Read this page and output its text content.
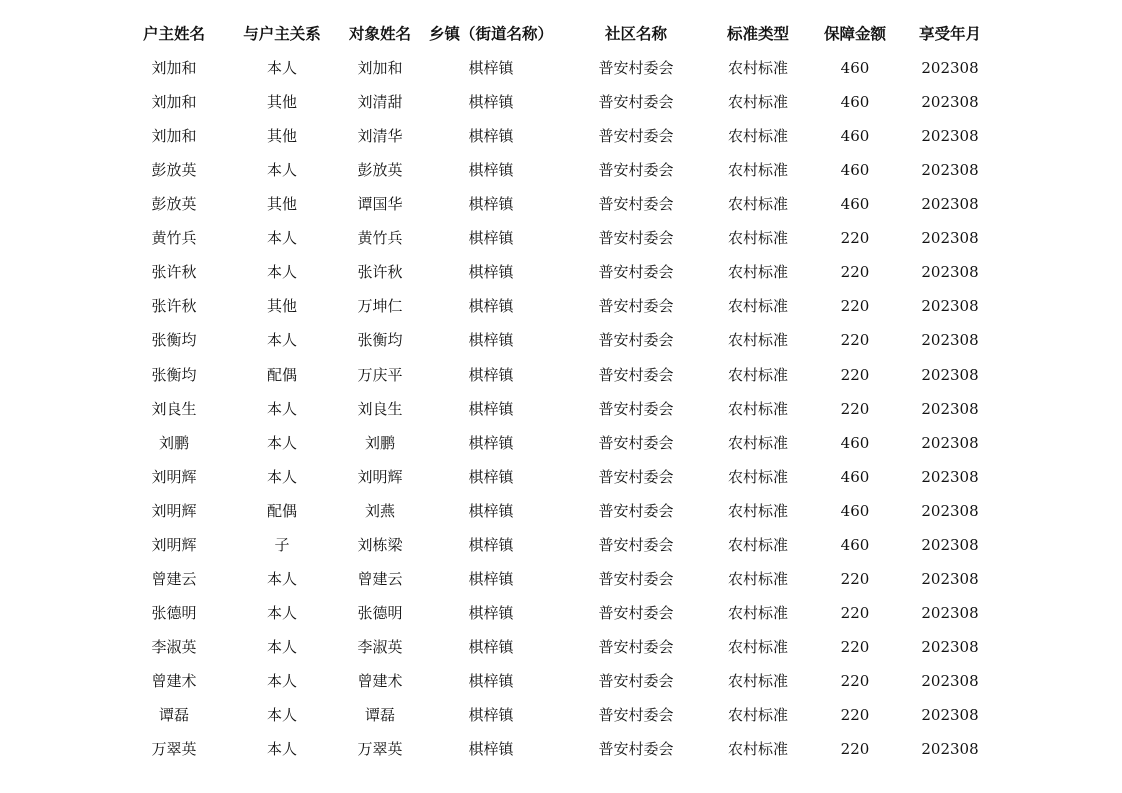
户主姓名	与户主关系	对象姓名	乡镇（街道名称）	社区名称	标准类型	保障金额	享受年月
刘加和	本人	刘加和	棋梓镇	普安村委会	农村标准	460	202308
刘加和	其他	刘清甜	棋梓镇	普安村委会	农村标准	460	202308
刘加和	其他	刘清华	棋梓镇	普安村委会	农村标准	460	202308
彭放英	本人	彭放英	棋梓镇	普安村委会	农村标准	460	202308
彭放英	其他	谭国华	棋梓镇	普安村委会	农村标准	460	202308
黄竹兵	本人	黄竹兵	棋梓镇	普安村委会	农村标准	220	202308
张许秋	本人	张许秋	棋梓镇	普安村委会	农村标准	220	202308
张许秋	其他	万坤仁	棋梓镇	普安村委会	农村标准	220	202308
张衡均	本人	张衡均	棋梓镇	普安村委会	农村标准	220	202308
张衡均	配偶	万庆平	棋梓镇	普安村委会	农村标准	220	202308
刘良生	本人	刘良生	棋梓镇	普安村委会	农村标准	220	202308
刘鹏	本人	刘鹏	棋梓镇	普安村委会	农村标准	460	202308
刘明辉	本人	刘明辉	棋梓镇	普安村委会	农村标准	460	202308
刘明辉	配偶	刘燕	棋梓镇	普安村委会	农村标准	460	202308
刘明辉	子	刘栋梁	棋梓镇	普安村委会	农村标准	460	202308
曾建云	本人	曾建云	棋梓镇	普安村委会	农村标准	220	202308
张德明	本人	张德明	棋梓镇	普安村委会	农村标准	220	202308
李淑英	本人	李淑英	棋梓镇	普安村委会	农村标准	220	202308
曾建术	本人	曾建术	棋梓镇	普安村委会	农村标准	220	202308
谭磊	本人	谭磊	棋梓镇	普安村委会	农村标准	220	202308
万翠英	本人	万翠英	棋梓镇	普安村委会	农村标准	220	202308
